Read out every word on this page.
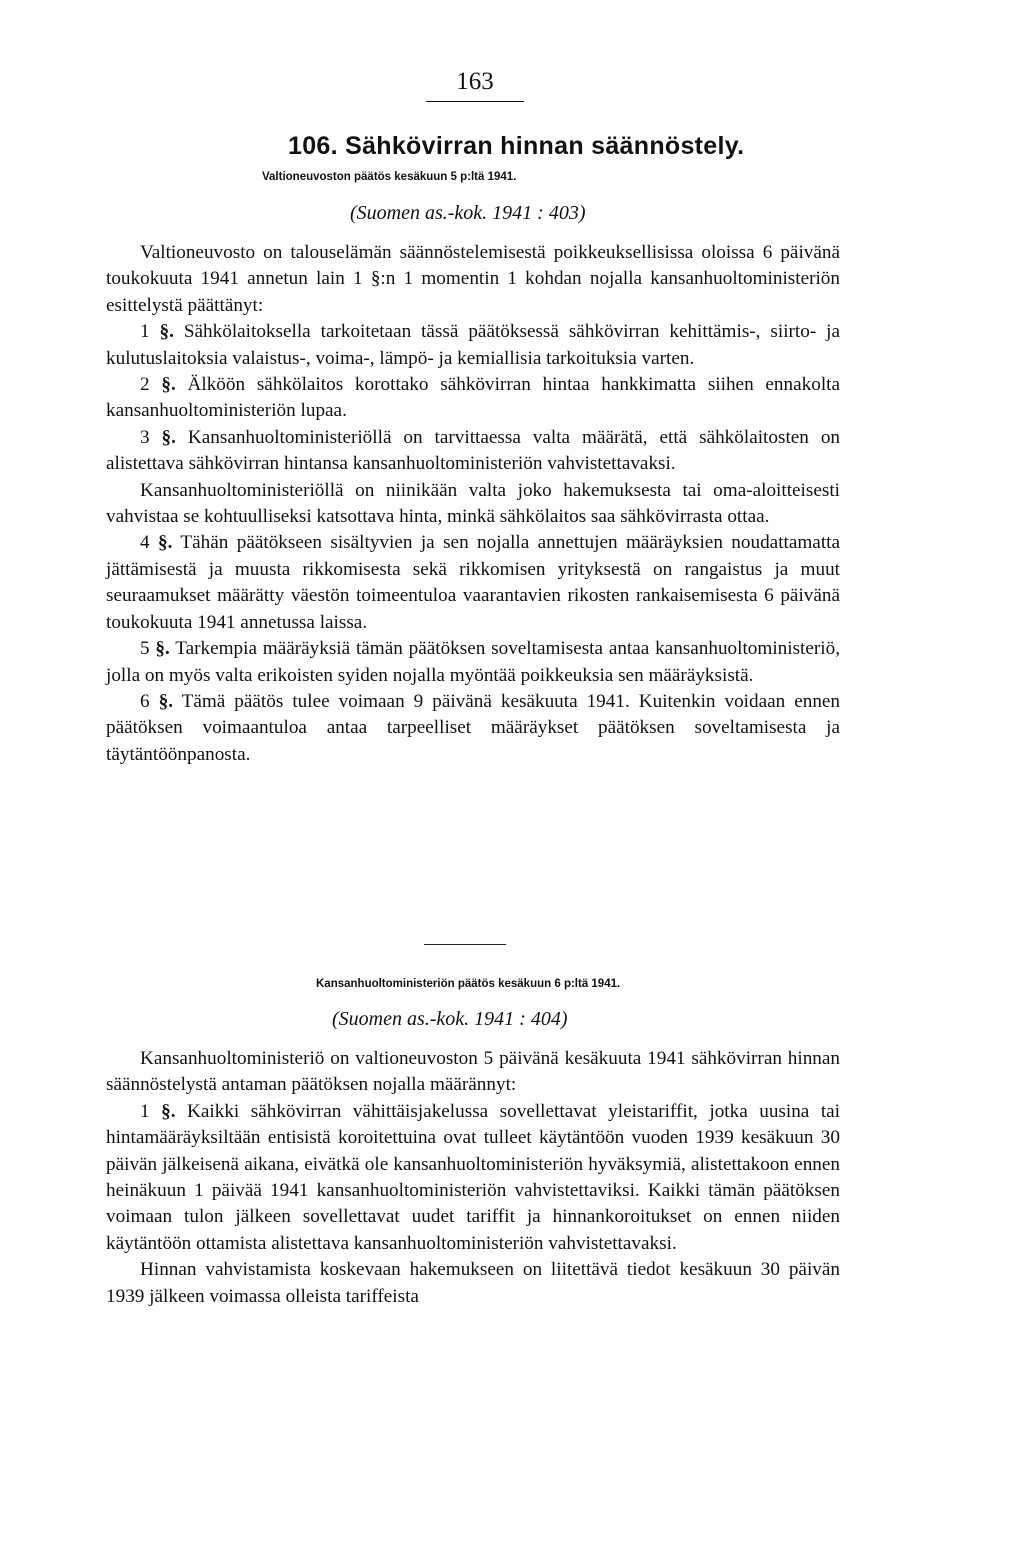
163
106. Sähkövirran hinnan säännöstely.

Valtioneuvoston päätös kesäkuun 5 p:ltä 1941.

(Suomen as.-kok. 1941 : 403)

Valtioneuvosto on talouselämän säännöstelemisestä poikkeuksellisissa oloissa 6 päivänä toukokuuta 1941 annetun lain 1 §:n 1 momentin 1 kohdan nojalla kansanhuoltoministeriön esittelystä päättänyt:

1 §. Sähkölaitoksella tarkoitetaan tässä päätöksessä sähkövirran kehittämis-, siirto- ja kulutuslaitoksia valaistus-, voima-, lämpö- ja kemiallisia tarkoituksia varten.

2 §. Älköön sähkölaitos korottako sähkövirran hintaa hankkimatta siihen ennakolta kansanhuoltoministeriön lupaa.

3 §. Kansanhuoltoministeriöllä on tarvittaessa valta määrätä, että sähkölaitosten on alistettava sähkövirran hintansa kansanhuoltoministeriön vahvistettavaksi.

Kansanhuoltoministeriöllä on niinikään valta joko hakemuksesta tai oma-aloitteisesti vahvistaa se kohtuulliseksi katsottava hinta, minkä sähkölaitos saa sähkövirrasta ottaa.

4 §. Tähän päätökseen sisältyvien ja sen nojalla annettujen määräyksien noudattamatta jättämisestä ja muusta rikkomisesta sekä rikkomisen yrityksestä on rangaistus ja muut seuraamukset määrätty väestön toimeentuloa vaarantavien rikosten rankaisemisesta 6 päivänä toukokuuta 1941 annetussa laissa.

5 §. Tarkempia määräyksiä tämän päätöksen soveltamisesta antaa kansanhuoltoministeriö, jolla on myös valta erikoisten syiden nojalla myöntää poikkeuksia sen määräyksistä.

6 §. Tämä päätös tulee voimaan 9 päivänä kesäkuuta 1941. Kuitenkin voidaan ennen päätöksen voimaantuloa antaa tarpeelliset määräykset päätöksen soveltamisesta ja täytäntöönpanosta.

Kansanhuoltoministeriön päätös kesäkuun 6 p:ltä 1941.

(Suomen as.-kok. 1941 : 404)

Kansanhuoltoministeriö on valtioneuvoston 5 päivänä kesäkuuta 1941 sähkövirran hinnan säännöstelystä antaman päätöksen nojalla määrännyt:

1 §. Kaikki sähkövirran vähittäisjakelussa sovellettavat yleistariffit, jotka uusina tai hintamääräyksiltään entisistä koroitettuina ovat tulleet käytäntöön vuoden 1939 kesäkuun 30 päivän jälkeisenä aikana, eivätkä ole kansanhuoltoministeriön hyväksymiä, alistettakoon ennen heinäkuun 1 päivää 1941 kansanhuoltoministeriön vahvistettaviksi. Kaikki tämän päätöksen voimaan tulon jälkeen sovellettavat uudet tariffit ja hinnankoroitukset on ennen niiden käytäntöön ottamista alistettava kansanhuoltoministeriön vahvistettavaksi.

Hinnan vahvistamista koskevaan hakemukseen on liitettävä tiedot kesäkuun 30 päivän 1939 jälkeen voimassa olleista tariffeista
